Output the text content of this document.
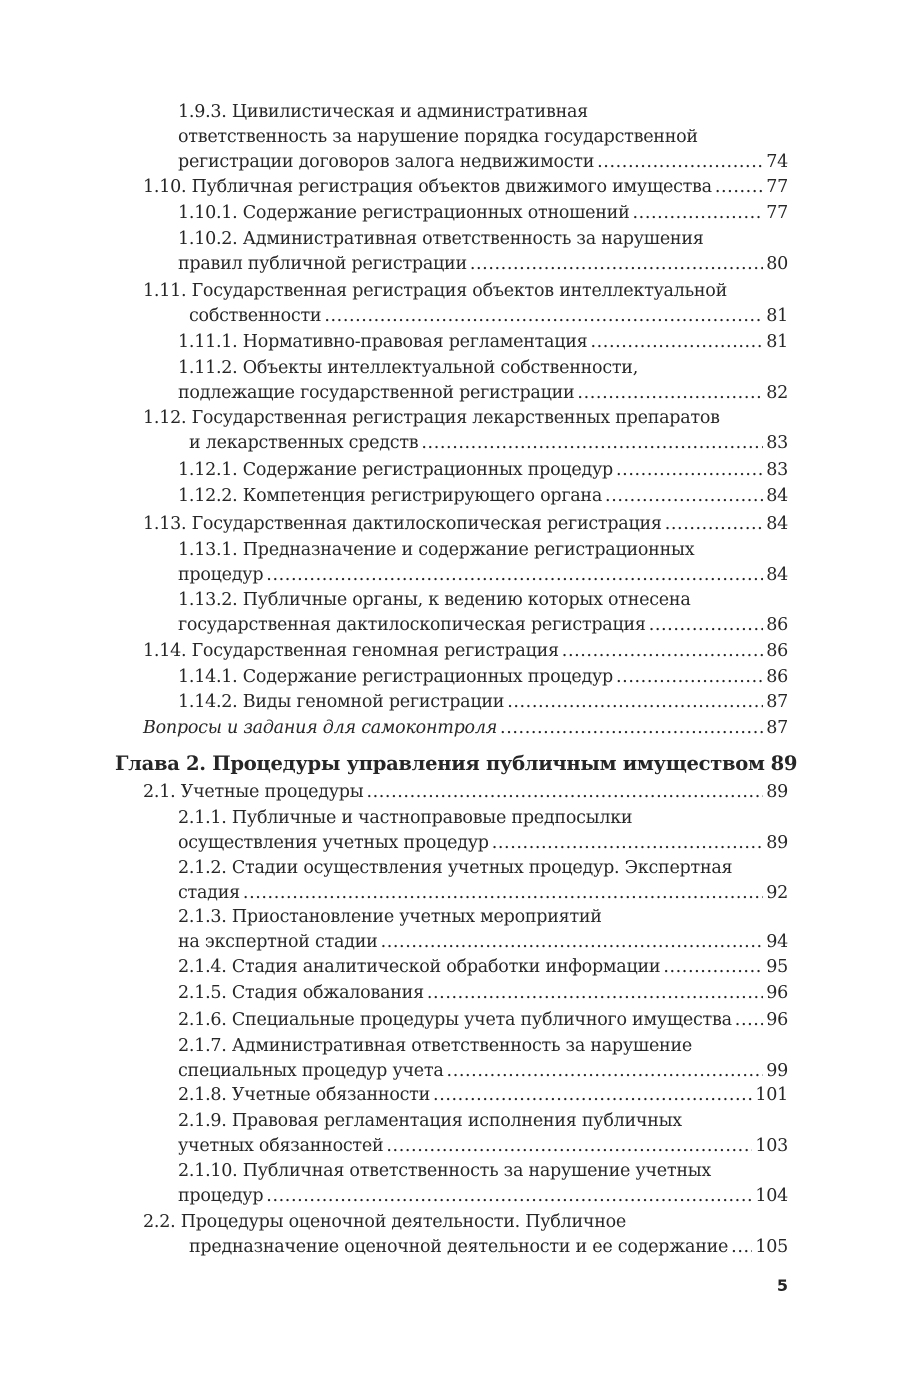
1.9.3. Цивилистическая и административная
ответственность за нарушение порядка государственной
регистрации договоров залога недвижимости .....	74
1.10. Публичная регистрация объектов движимого имущества .....	77
1.10.1. Содержание регистрационных отношений .....	77
1.10.2. Административная ответственность за нарушения
правил публичной регистрации .....	80
1.11. Государственная регистрация объектов интеллектуальной
собственности .....	81
1.11.1. Нормативно-правовая регламентация .....	81
1.11.2. Объекты интеллектуальной собственности,
подлежащие государственной регистрации .....	82
1.12. Государственная регистрация лекарственных препаратов
и лекарственных средств .....	83
1.12.1. Содержание регистрационных процедур .....	83
1.12.2. Компетенция регистрирующего органа .....	84
1.13. Государственная дактилоскопическая регистрация .....	84
1.13.1. Предназначение и содержание регистрационных
процедур .....	84
1.13.2. Публичные органы, к ведению которых отнесена
государственная дактилоскопическая регистрация .....	86
1.14. Государственная геномная регистрация .....	86
1.14.1. Содержание регистрационных процедур .....	86
1.14.2. Виды геномной регистрации .....	87
Вопросы и задания для самоконтроля .....	87
Глава 2. Процедуры управления публичным имуществом 89
2.1. Учетные процедуры .....	89
2.1.1. Публичные и частноправовые предпосылки
осуществления учетных процедур .....	89
2.1.2. Стадии осуществления учетных процедур. Экспертная
стадия .....	92
2.1.3. Приостановление учетных мероприятий
на экспертной стадии .....	94
2.1.4. Стадия аналитической обработки информации .....	95
2.1.5. Стадия обжалования .....	96
2.1.6. Специальные процедуры учета публичного имущества ..... 96
2.1.7. Административная ответственность за нарушение
специальных процедур учета .....	99
2.1.8. Учетные обязанности .....	101
2.1.9. Правовая регламентация исполнения публичных
учетных обязанностей .....	103
2.1.10. Публичная ответственность за нарушение учетных
процедур .....	104
2.2. Процедуры оценочной деятельности. Публичное
предназначение оценочной деятельности и ее содержание ..... 105
5
